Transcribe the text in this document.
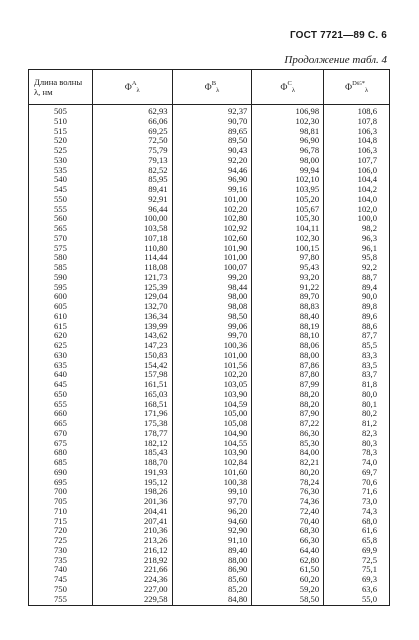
ГОСТ 7721—89 С. 6
Продолжение табл. 4
Длина волны
λ, нм	$Ф^A_\lambda$	$Ф^B_\lambda$	$Ф^C_\lambda$	$Ф^{D65*}_\lambda$
505	62,93	92,37	106,98	108,6
510	66,06	90,70	102,30	107,8
515	69,25	89,65	98,81	106,3
520	72,50	89,50	96,90	104,8
525	75,79	90,43	96,78	106,3
530	79,13	92,20	98,00	107,7
535	82,52	94,46	99,94	106,0
540	85,95	96,90	102,10	104,4
545	89,41	99,16	103,95	104,2
550	92,91	101,00	105,20	104,0
555	96,44	102,20	105,67	102,0
560	100,00	102,80	105,30	100,0
565	103,58	102,92	104,11	98,2
570	107,18	102,60	102,30	96,3
575	110,80	101,90	100,15	96,1
580	114,44	101,00	97,80	95,8
585	118,08	100,07	95,43	92,2
590	121,73	99,20	93,20	88,7
595	125,39	98,44	91,22	89,4
600	129,04	98,00	89,70	90,0
605	132,70	98,08	88,83	89,8
610	136,34	98,50	88,40	89,6
615	139,99	99,06	88,19	88,6
620	143,62	99,70	88,10	87,7
625	147,23	100,36	88,06	85,5
630	150,83	101,00	88,00	83,3
635	154,42	101,56	87,86	83,5
640	157,98	102,20	87,80	83,7
645	161,51	103,05	87,99	81,8
650	165,03	103,90	88,20	80,0
655	168,51	104,59	88,20	80,1
660	171,96	105,00	87,90	80,2
665	175,38	105,08	87,22	81,2
670	178,77	104,90	86,30	82,3
675	182,12	104,55	85,30	80,3
680	185,43	103,90	84,00	78,3
685	188,70	102,84	82,21	74,0
690	191,93	101,60	80,20	69,7
695	195,12	100,38	78,24	70,6
700	198,26	99,10	76,30	71,6
705	201,36	97,70	74,36	73,0
710	204,41	96,20	72,40	74,3
715	207,41	94,60	70,40	68,0
720	210,36	92,90	68,30	61,6
725	213,26	91,10	66,30	65,8
730	216,12	89,40	64,40	69,9
735	218,92	88,00	62,80	72,5
740	221,66	86,90	61,50	75,1
745	224,36	85,60	60,20	69,3
750	227,00	85,20	59,20	63,6
755	229,58	84,80	58,50	55,0
